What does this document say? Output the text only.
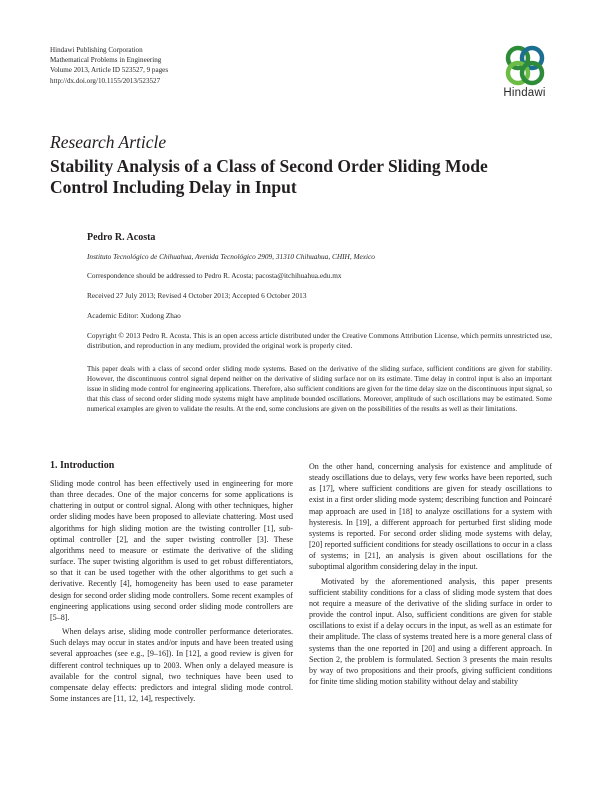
Hindawi Publishing Corporation
Mathematical Problems in Engineering
Volume 2013, Article ID 523527, 9 pages
http://dx.doi.org/10.1155/2013/523527
Hindawi
Research Article
Stability Analysis of a Class of Second Order Sliding Mode Control Including Delay in Input
Pedro R. Acosta
Instituto Tecnológico de Chihuahua, Avenida Tecnológico 2909, 31310 Chihuahua, CHIH, Mexico
Correspondence should be addressed to Pedro R. Acosta; pacosta@itchihuahua.edu.mx
Received 27 July 2013; Revised 4 October 2013; Accepted 6 October 2013
Academic Editor: Xudong Zhao
Copyright © 2013 Pedro R. Acosta. This is an open access article distributed under the Creative Commons Attribution License, which permits unrestricted use, distribution, and reproduction in any medium, provided the original work is properly cited.
This paper deals with a class of second order sliding mode systems. Based on the derivative of the sliding surface, sufficient conditions are given for stability. However, the discontinuous control signal depend neither on the derivative of sliding surface nor on its estimate. Time delay in control input is also an important issue in sliding mode control for engineering applications. Therefore, also sufficient conditions are given for the time delay size on the discontinuous input signal, so that this class of second order sliding mode systems might have amplitude bounded oscillations. Moreover, amplitude of such oscillations may be estimated. Some numerical examples are given to validate the results. At the end, some conclusions are given on the possibilities of the results as well as their limitations.
1. Introduction

Sliding mode control has been effectively used in engineering for more than three decades. One of the major concerns for some applications is chattering in output or control signal. Along with other techniques, higher order sliding modes have been proposed to alleviate chattering. Most used algorithms for high sliding motion are the twisting controller [1], sub-optimal controller [2], and the super twisting controller [3]. These algorithms need to measure or estimate the derivative of the sliding surface. The super twisting algorithm is used to get robust differentiators, so that it can be used together with the other algorithms to get such a derivative. Recently [4], homogeneity has been used to ease parameter design for second order sliding mode controllers. Some recent examples of engineering applications using second order sliding mode controllers are [5–8].

When delays arise, sliding mode controller performance deteriorates. Such delays may occur in states and/or inputs and have been treated using several approaches (see e.g., [9–16]). In [12], a good review is given for different control techniques up to 2003. When only a delayed measure is available for the control signal, two techniques have been used to compensate delay effects: predictors and integral sliding mode control. Some instances are [11, 12, 14], respectively.

On the other hand, concerning analysis for existence and amplitude of steady oscillations due to delays, very few works have been reported, such as [17], where sufficient conditions are given for steady oscillations to exist in a first order sliding mode system; describing function and Poincaré map approach are used in [18] to analyze oscillations for a system with hysteresis. In [19], a different approach for perturbed first sliding mode systems is reported. For second order sliding mode systems with delay, [20] reported sufficient conditions for steady oscillations to occur in a class of systems; in [21], an analysis is given about oscillations for the suboptimal algorithm considering delay in the input.

Motivated by the aforementioned analysis, this paper presents sufficient stability conditions for a class of sliding mode system that does not require a measure of the derivative of the sliding surface in order to provide the control input. Also, sufficient conditions are given for stable oscillations to exist if a delay occurs in the input, as well as an estimate for their amplitude. The class of systems treated here is a more general class of systems than the one reported in [20] and using a different approach. In Section 2, the problem is formulated. Section 3 presents the main results by way of two propositions and their proofs, giving sufficient conditions for finite time sliding motion stability without delay and stability
